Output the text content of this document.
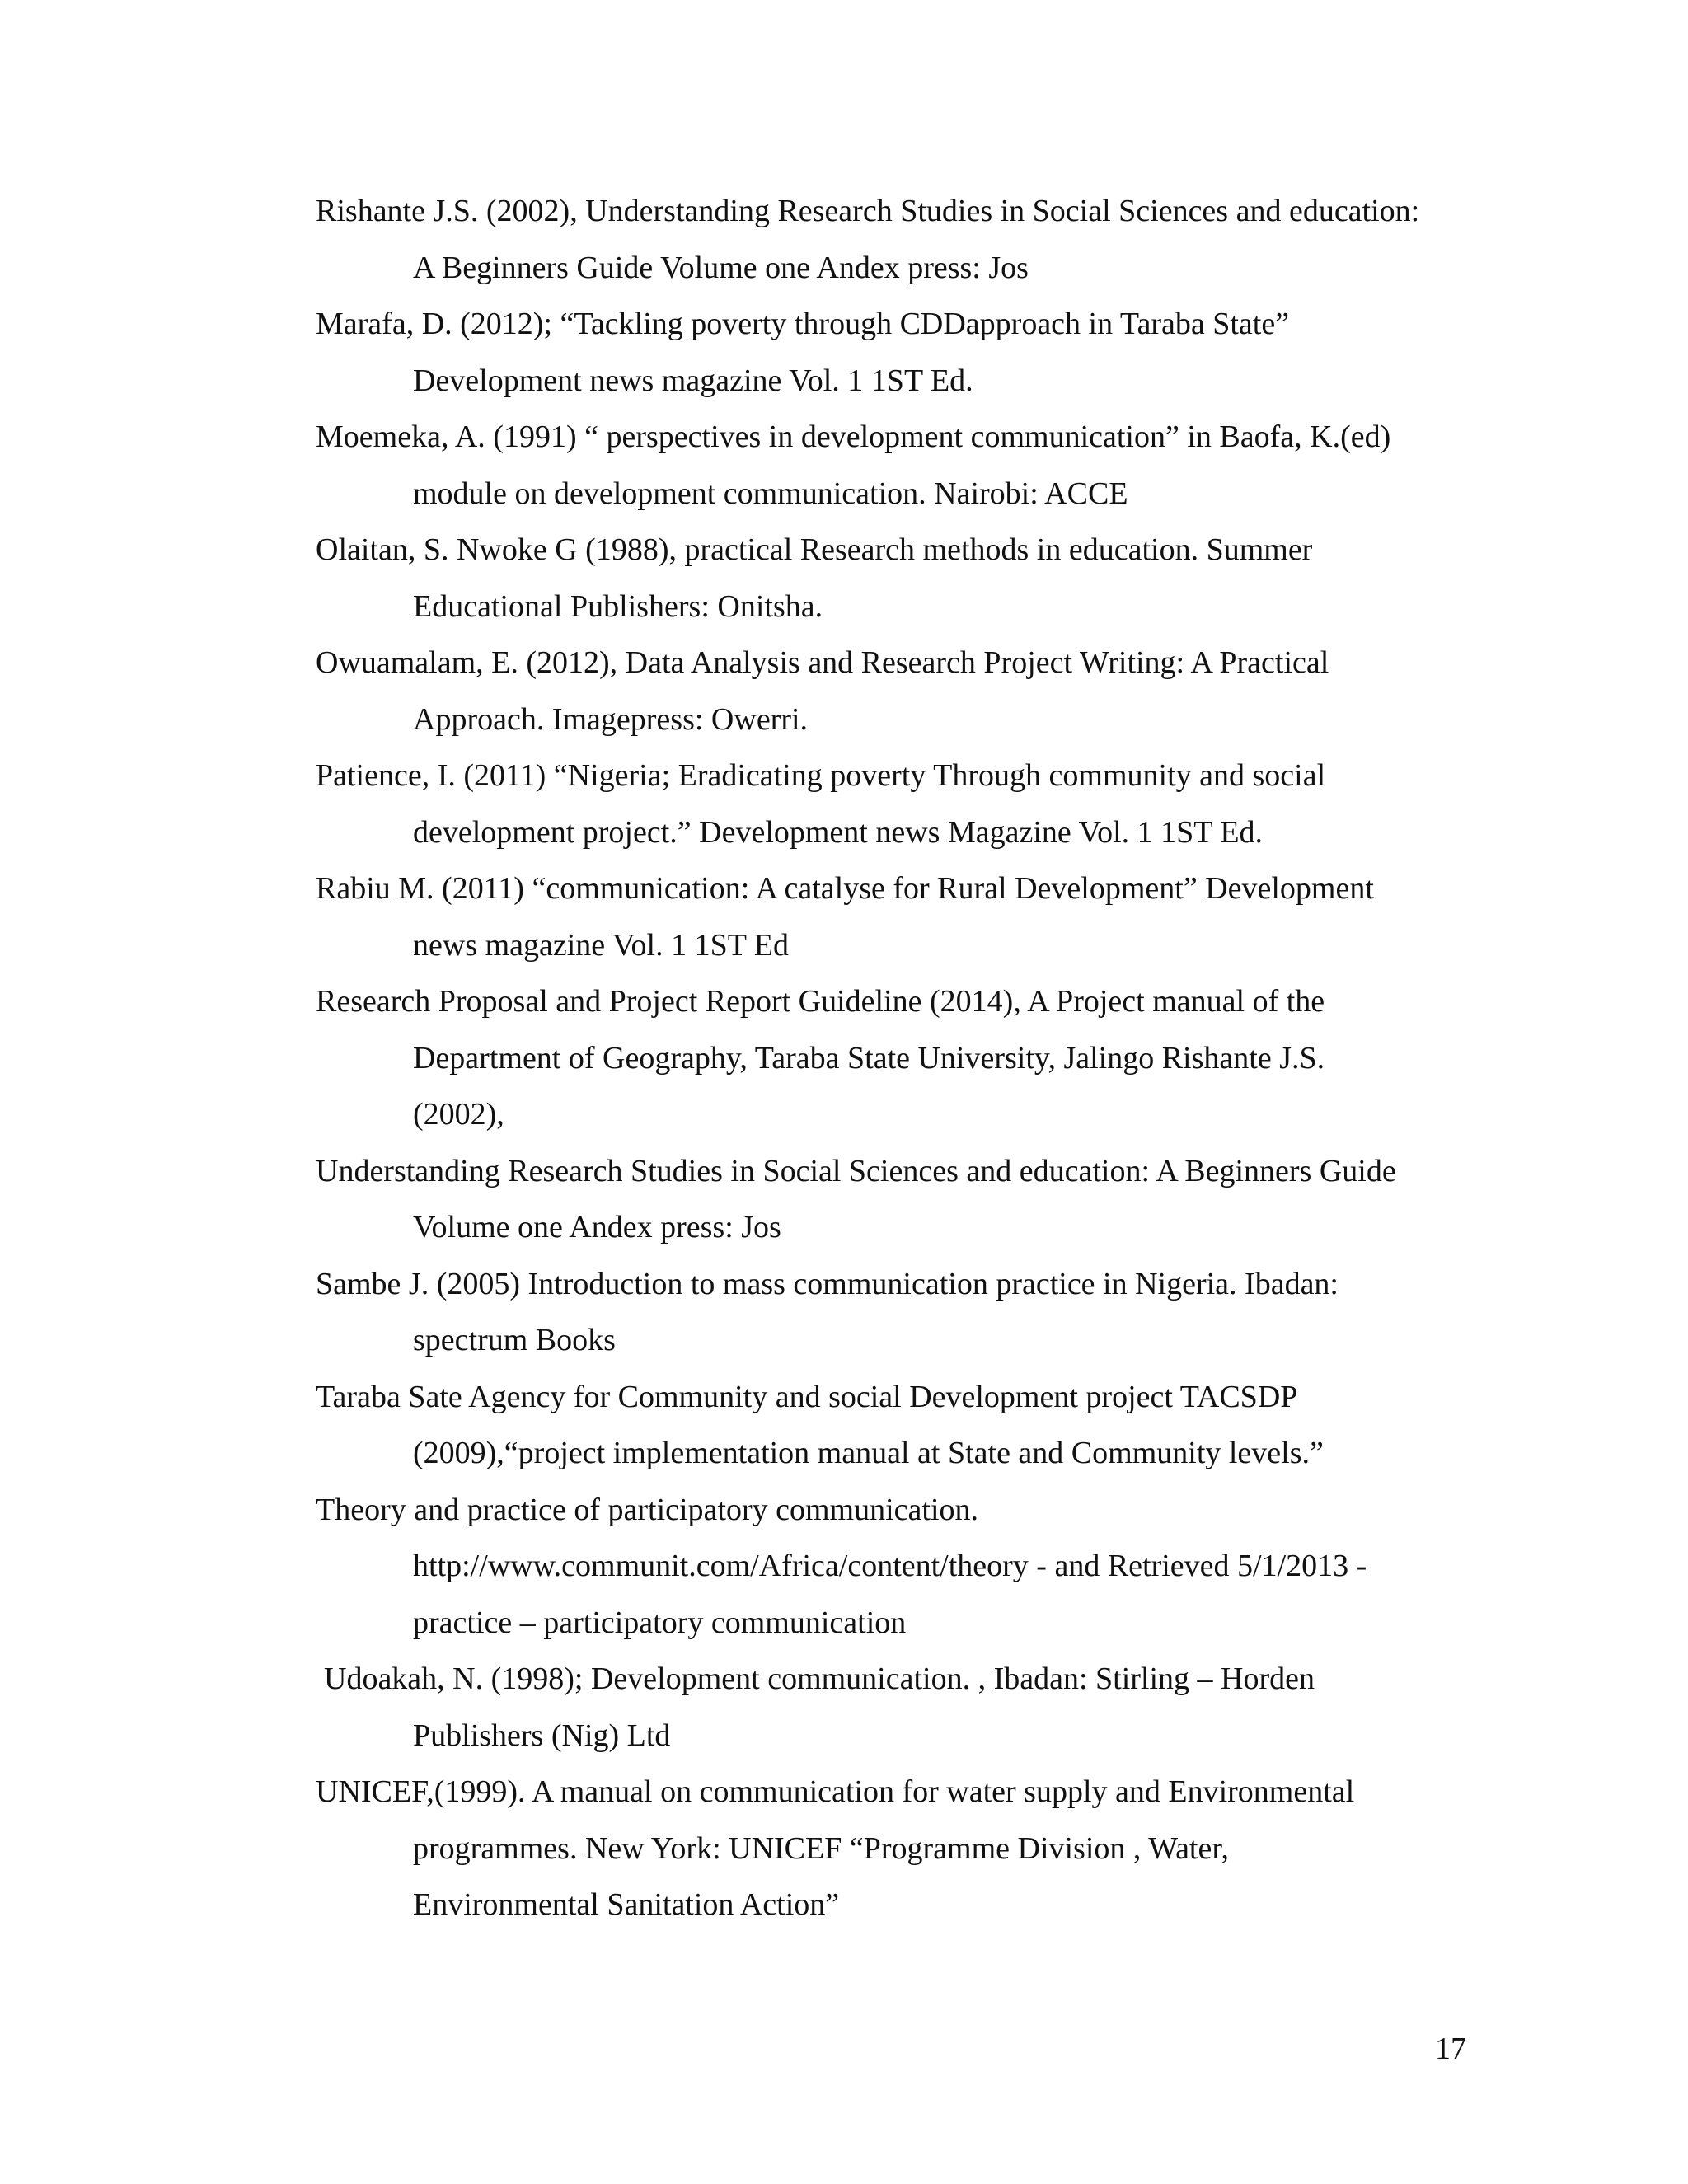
Rishante J.S. (2002), Understanding Research Studies in Social Sciences and education:
A Beginners Guide Volume one Andex press: Jos
Marafa, D. (2012); “Tackling poverty through CDDapproach in Taraba State”
Development news magazine Vol. 1 1ST Ed.
Moemeka, A. (1991) “ perspectives in development communication” in Baofa, K.(ed)
module on development communication. Nairobi: ACCE
Olaitan, S. Nwoke G (1988), practical Research methods in education. Summer
Educational Publishers: Onitsha.
Owuamalam, E. (2012), Data Analysis and Research Project Writing: A Practical
Approach. Imagepress: Owerri.
Patience, I. (2011) “Nigeria; Eradicating poverty Through community and social
development project.” Development news Magazine Vol. 1 1ST Ed.
Rabiu M. (2011) “communication: A catalyse for Rural Development” Development
news magazine Vol. 1 1ST Ed
Research Proposal and Project Report Guideline (2014), A Project manual of the
Department of Geography, Taraba State University, Jalingo Rishante J.S.
(2002),
Understanding Research Studies in Social Sciences and education: A Beginners Guide
Volume one Andex press: Jos
Sambe J. (2005) Introduction to mass communication practice in Nigeria. Ibadan:
spectrum Books
Taraba Sate Agency for Community and social Development project TACSDP
(2009),“project implementation manual at State and Community levels.”
Theory and practice of participatory communication.
http://www.communit.com/Africa/content/theory - and Retrieved 5/1/2013 -
practice – participatory communication
Udoakah, N. (1998); Development communication. , Ibadan: Stirling – Horden
Publishers (Nig) Ltd
UNICEF,(1999). A manual on communication for water supply and Environmental
programmes. New York: UNICEF “Programme Division , Water,
Environmental Sanitation Action”
17
